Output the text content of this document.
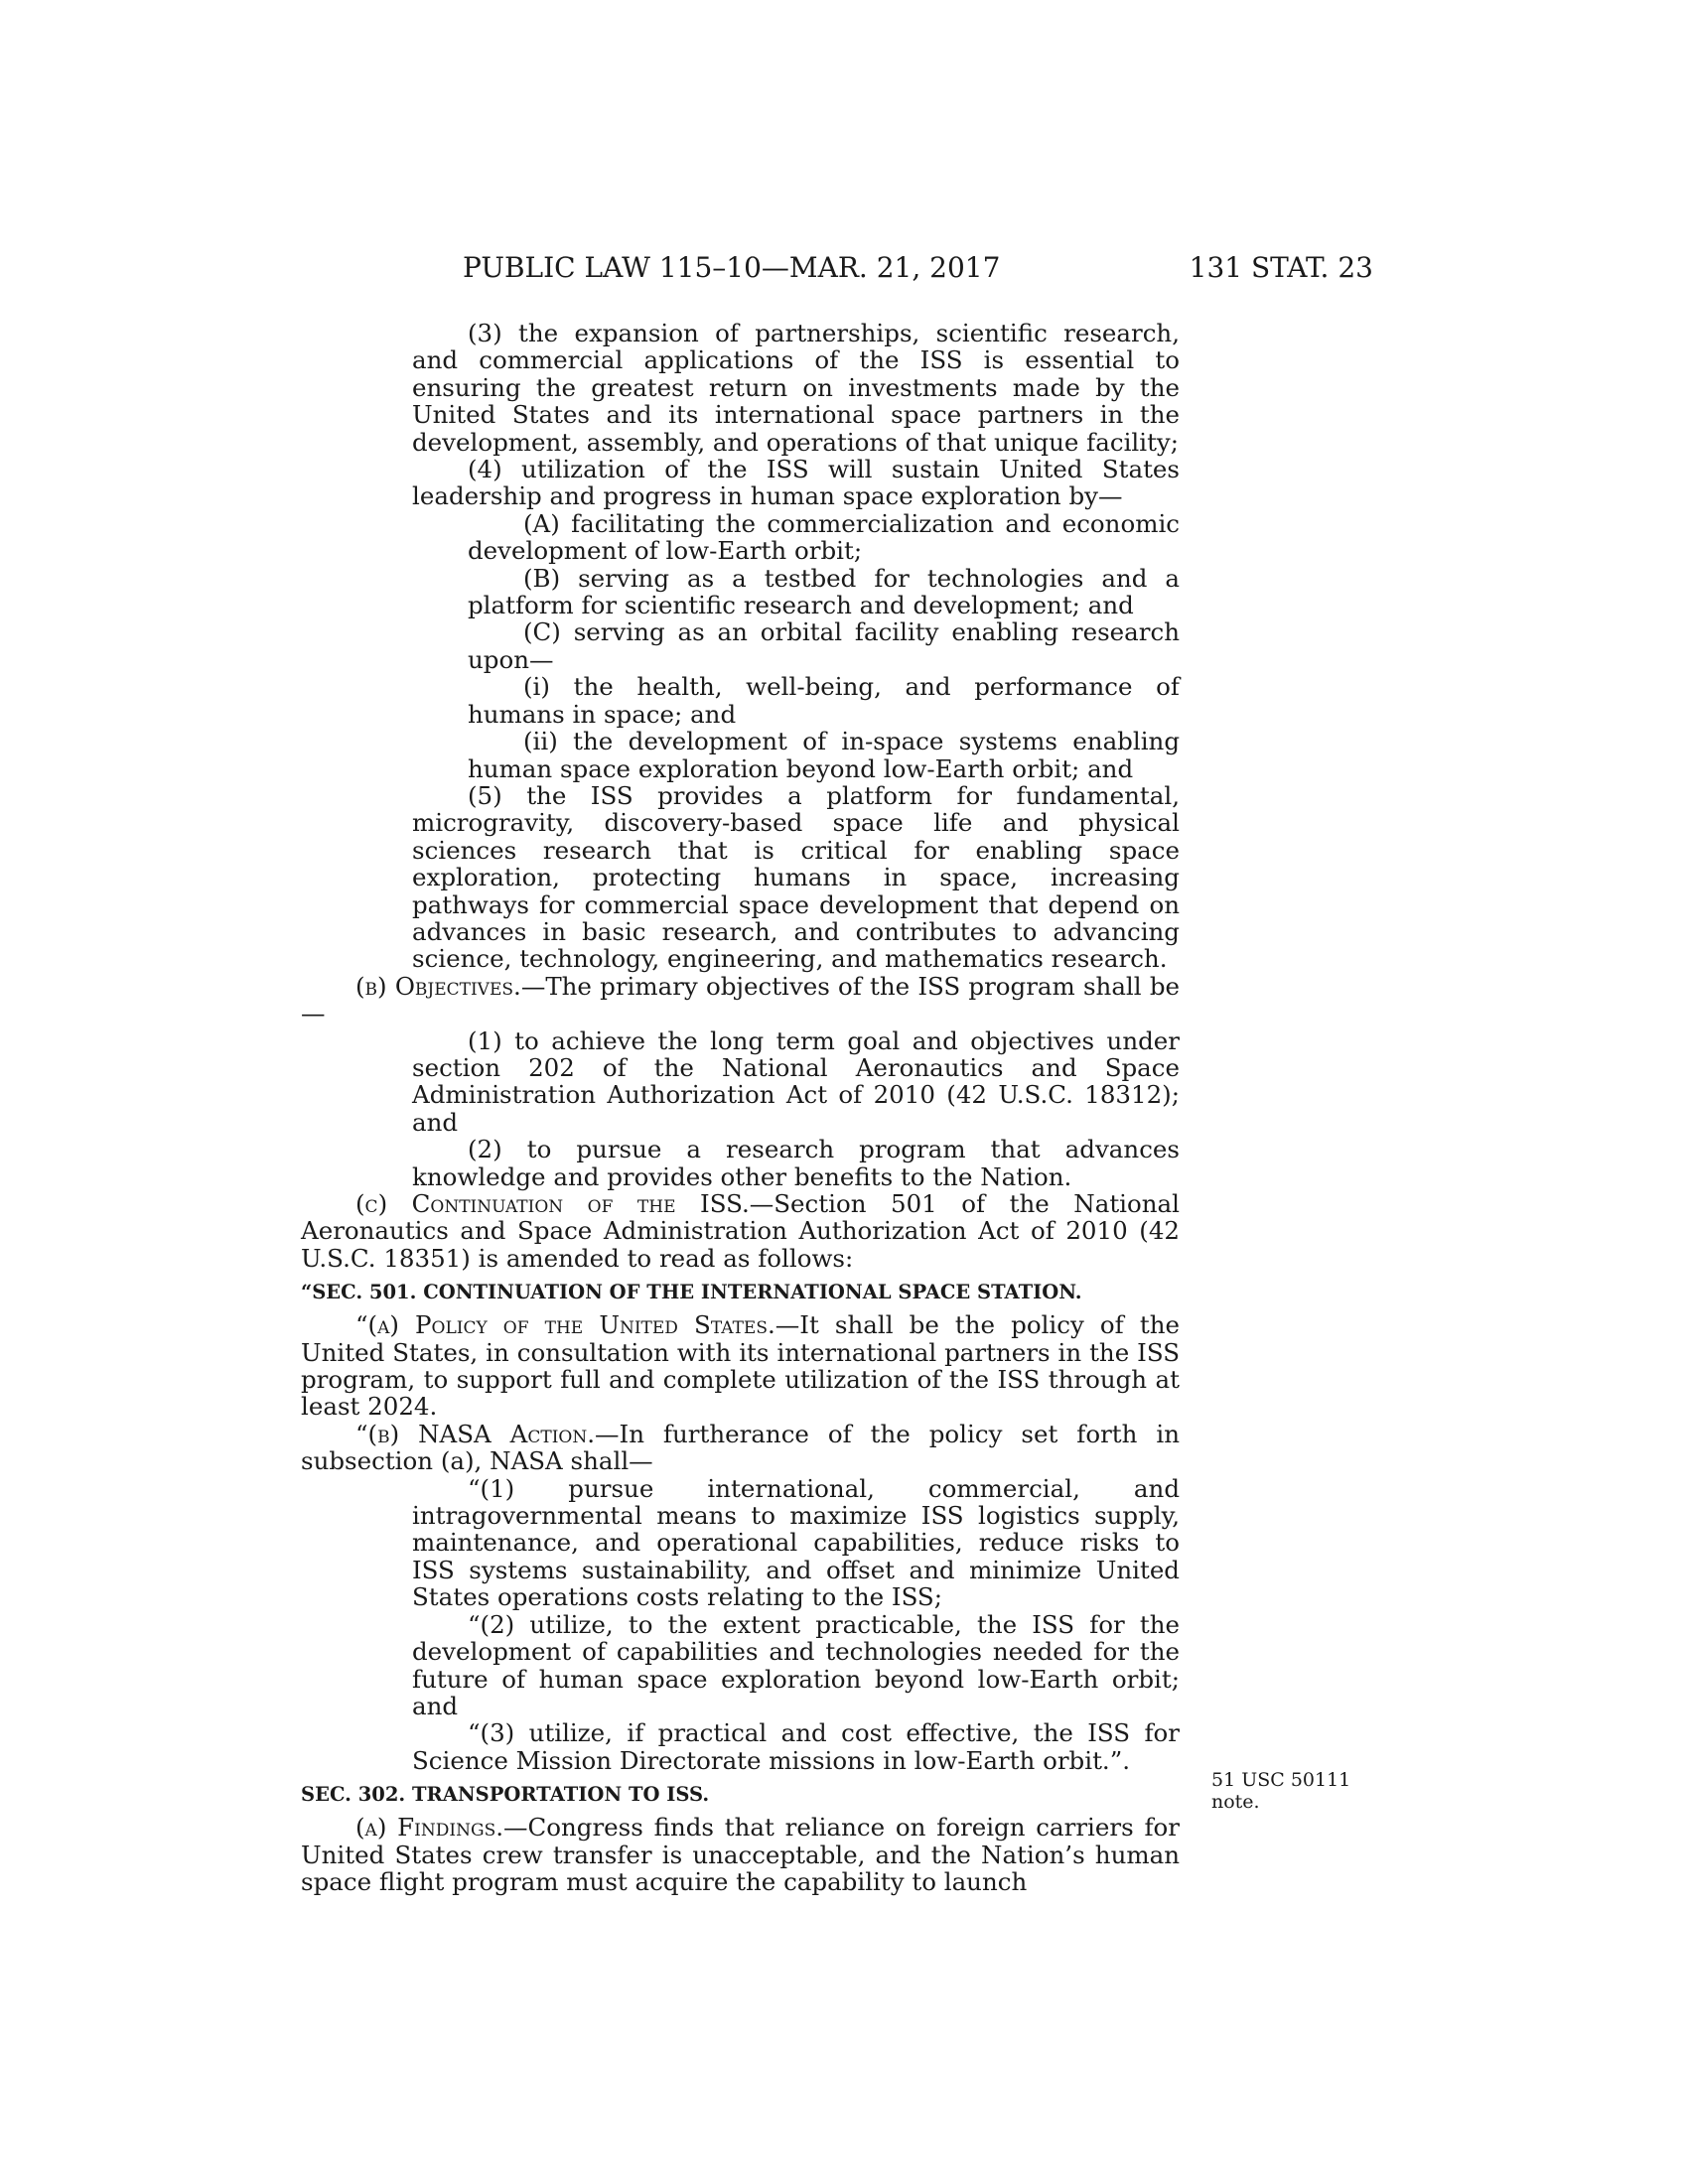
PUBLIC LAW 115–10—MAR. 21, 2017	131 STAT. 23

(3) the expansion of partnerships, scientific research, and commercial applications of the ISS is essential to ensuring the greatest return on investments made by the United States and its international space partners in the development, assembly, and operations of that unique facility;

(4) utilization of the ISS will sustain United States leadership and progress in human space exploration by—

(A) facilitating the commercialization and economic development of low-Earth orbit;

(B) serving as a testbed for technologies and a platform for scientific research and development; and

(C) serving as an orbital facility enabling research upon—

(i) the health, well-being, and performance of humans in space; and

(ii) the development of in-space systems enabling human space exploration beyond low-Earth orbit; and

(5) the ISS provides a platform for fundamental, microgravity, discovery-based space life and physical sciences research that is critical for enabling space exploration, protecting humans in space, increasing pathways for commercial space development that depend on advances in basic research, and contributes to advancing science, technology, engineering, and mathematics research.

(b) Objectives.—The primary objectives of the ISS program shall be—

(1) to achieve the long term goal and objectives under section 202 of the National Aeronautics and Space Administration Authorization Act of 2010 (42 U.S.C. 18312); and

(2) to pursue a research program that advances knowledge and provides other benefits to the Nation.

(c) Continuation of the ISS.—Section 501 of the National Aeronautics and Space Administration Authorization Act of 2010 (42 U.S.C. 18351) is amended to read as follows:

“SEC. 501. CONTINUATION OF THE INTERNATIONAL SPACE STATION.

“(a) Policy of the United States.—It shall be the policy of the United States, in consultation with its international partners in the ISS program, to support full and complete utilization of the ISS through at least 2024.

“(b) NASA Action.—In furtherance of the policy set forth in subsection (a), NASA shall—

“(1) pursue international, commercial, and intragovernmental means to maximize ISS logistics supply, maintenance, and operational capabilities, reduce risks to ISS systems sustainability, and offset and minimize United States operations costs relating to the ISS;

“(2) utilize, to the extent practicable, the ISS for the development of capabilities and technologies needed for the future of human space exploration beyond low-Earth orbit; and

“(3) utilize, if practical and cost effective, the ISS for Science Mission Directorate missions in low-Earth orbit.”.

SEC. 302. TRANSPORTATION TO ISS.

(a) Findings.—Congress finds that reliance on foreign carriers for United States crew transfer is unacceptable, and the Nation’s human space flight program must acquire the capability to launch

51 USC 50111
note.
